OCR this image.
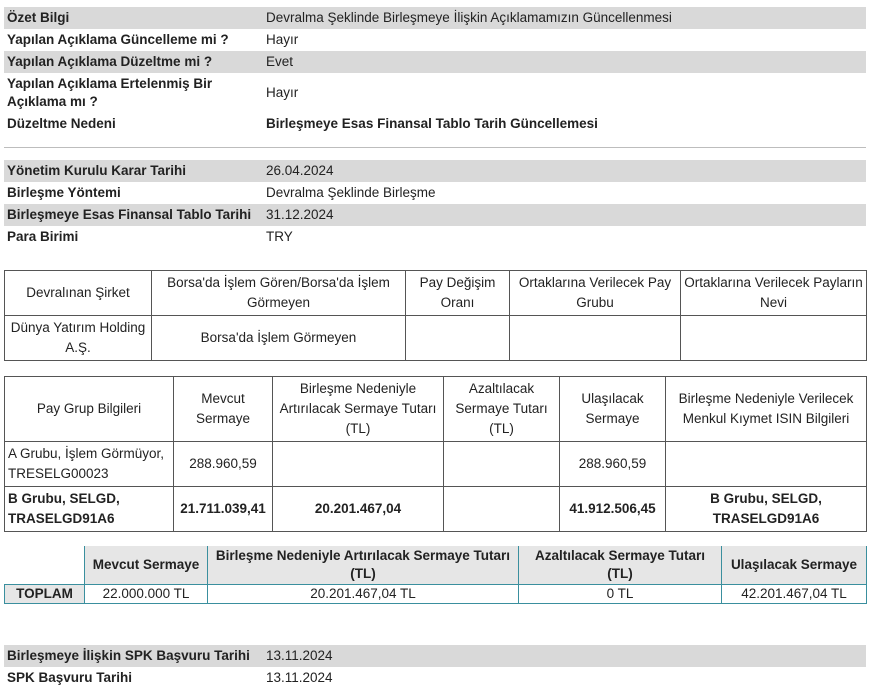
Özet Bilgi	Devralma Şeklinde Birleşmeye İlişkin Açıklamamızın Güncellenmesi
Yapılan Açıklama Güncelleme mi ?	Hayır
Yapılan Açıklama Düzeltme mi ?	Evet
Yapılan Açıklama Ertelenmiş Bir Açıklama mı ?	Hayır
Düzeltme Nedeni	Birleşmeye Esas Finansal Tablo Tarih Güncellemesi
Yönetim Kurulu Karar Tarihi	26.04.2024
Birleşme Yöntemi	Devralma Şeklinde Birleşme
Birleşmeye Esas Finansal Tablo Tarihi	31.12.2024
Para Birimi	TRY
Devralınan Şirket	Borsa'da İşlem Gören/Borsa'da İşlem Görmeyen	Pay Değişim Oranı	Ortaklarına Verilecek Pay Grubu	Ortaklarına Verilecek Payların Nevi
Dünya Yatırım Holding A.Ş.	Borsa'da İşlem Görmeyen			
Pay Grup Bilgileri	Mevcut Sermaye	Birleşme Nedeniyle Artırılacak Sermaye Tutarı (TL)	Azaltılacak Sermaye Tutarı (TL)	Ulaşılacak Sermaye	Birleşme Nedeniyle Verilecek Menkul Kıymet ISIN Bilgileri
A Grubu, İşlem Görmüyor, TRESELG00023	288.960,59			288.960,59	
B Grubu, SELGD, TRASELGD91A6	21.711.039,41	20.201.467,04		41.912.506,45	B Grubu, SELGD, TRASELGD91A6
	Mevcut Sermaye	Birleşme Nedeniyle Artırılacak Sermaye Tutarı (TL)	Azaltılacak Sermaye Tutarı (TL)	Ulaşılacak Sermaye
TOPLAM	22.000.000 TL	20.201.467,04 TL	0 TL	42.201.467,04 TL
Birleşmeye İlişkin SPK Başvuru Tarihi	13.11.2024
SPK Başvuru Tarihi	13.11.2024
